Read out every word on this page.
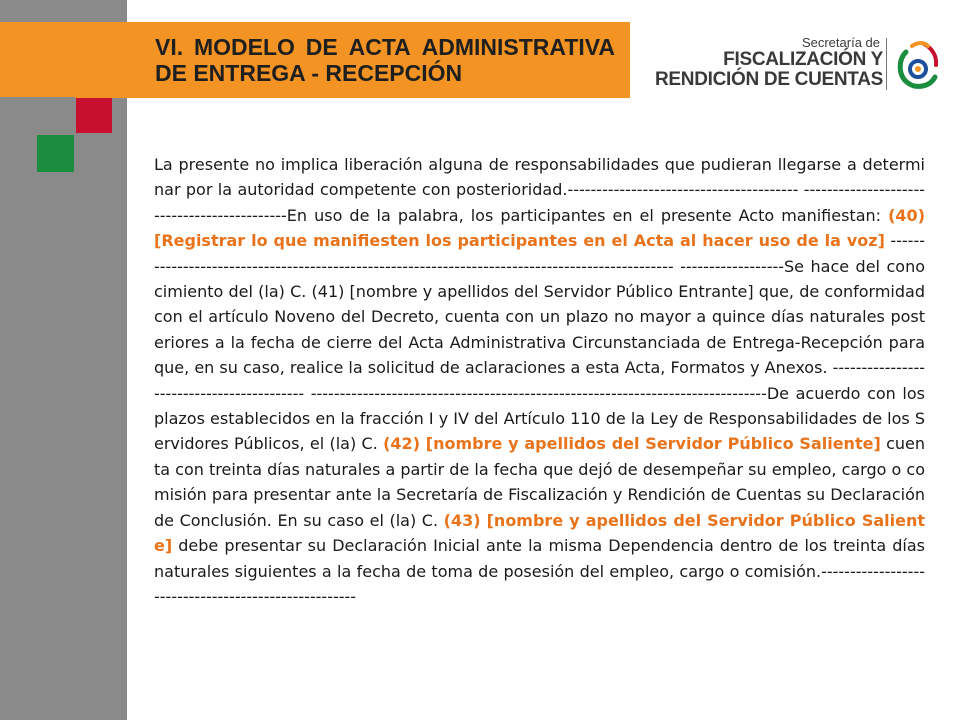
VI. MODELO DE ACTA ADMINISTRATIVA
DE ENTREGA - RECEPCIÓN
Secretaría de
FISCALIZACIÓN Y
RENDICIÓN DE CUENTAS
La presente no implica liberación alguna de responsabilidades que pudieran llegarse a determinar por la autoridad competente con posterioridad.---------------------------------------- --------------------------------------------En uso de la palabra, los participantes en el presente Acto manifiestan: (40) [Registrar lo que manifiesten los participantes en el Acta al hacer uso de la voz] ------------------------------------------------------------------------------------------------ ------------------Se hace del conocimiento del (la) C. (41) [nombre y apellidos del Servidor Público Entrante] que, de conformidad con el artículo Noveno del Decreto, cuenta con un plazo no mayor a quince días naturales posteriores a la fecha de cierre del Acta Administrativa Circunstanciada de Entrega-Recepción para que, en su caso, realice la solicitud de aclaraciones a esta Acta, Formatos y Anexos. ------------------------------------------ -------------------------------------------------------------------------------De acuerdo con los plazos establecidos en la fracción I y IV del Artículo 110 de la Ley de Responsabilidades de los Servidores Públicos, el (la) C. (42) [nombre y apellidos del Servidor Público Saliente] cuenta con treinta días naturales a partir de la fecha que dejó de desempeñar su empleo, cargo o comisión para presentar ante la Secretaría de Fiscalización y Rendición de Cuentas su Declaración de Conclusión. En su caso el (la) C. (43) [nombre y apellidos del Servidor Público Saliente] debe presentar su Declaración Inicial ante la misma Dependencia dentro de los treinta días naturales siguientes a la fecha de toma de posesión del empleo, cargo o comisión.-----------------------------------------------------
